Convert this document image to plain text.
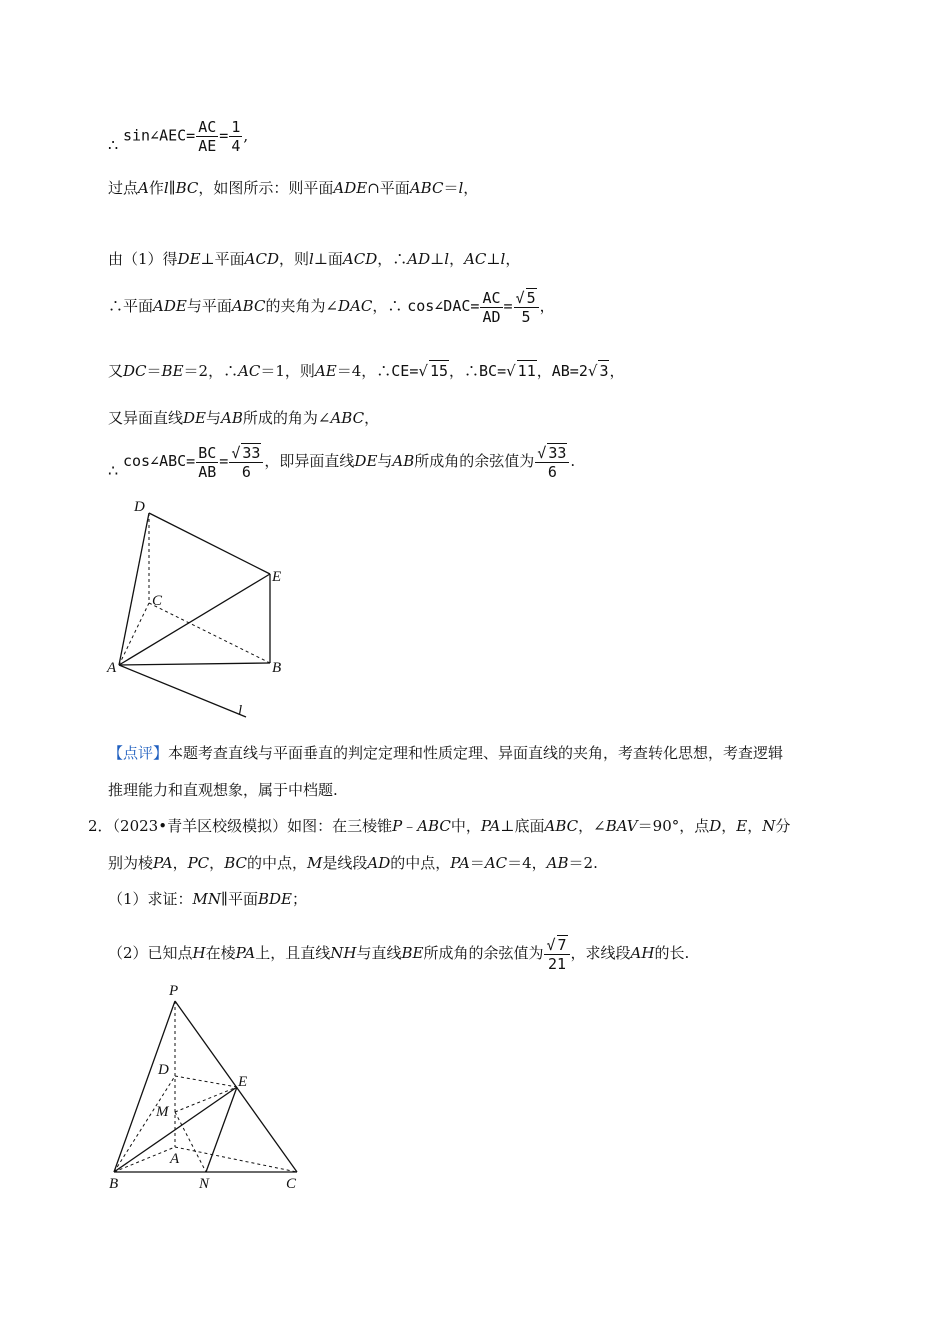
∴ sin∠AEC= $\frac{AC}{AE} = \frac{1}{4}$ ,
过点A作l∥BC，如图所示：则平面ADE∩平面ABC＝l，
由（1）得DE⊥平面ACD，则l⊥面ACD，∴AD⊥l，AC⊥l，
∴平面ADE与平面ABC的夹角为∠DAC，∴ cos∠DAC= $\frac{AC}{AD} = \frac{√ 5}{5}$ ，
又DC＝BE＝2，∴AC＝1，则AE＝4，∴CE=√ 15，∴BC=√ 11，AB=2√ 3，
又异面直线DE与AB所成的角为∠ABC，
∴ cos∠ABC= $\frac{BC}{AB} = \frac{√ 33}{6}$ ，即异面直线DE与AB所成角的余弦值为 $\frac{√ 33}{6}$ .
D
E
C
A	B
l
【点评】本题考查直线与平面垂直的判定定理和性质定理、异面直线的夹角，考查转化思想，考查逻辑
推理能力和直观想象，属于中档题.
2．（2023•青羊区校级模拟）如图：在三棱锥P﹣ABC中，PA⊥底面ABC，∠BAV＝90°，点D，E，N分
别为棱PA，PC，BC的中点，M是线段AD的中点，PA＝AC＝4，AB＝2.
（1）求证：MN∥平面BDE；
（2）已知点H在棱PA上，且直线NH与直线BE所成角的余弦值为 $\frac{√ 7}{21}$ ，求线段AH的长.
P
D
E
M
A
B	N	C
